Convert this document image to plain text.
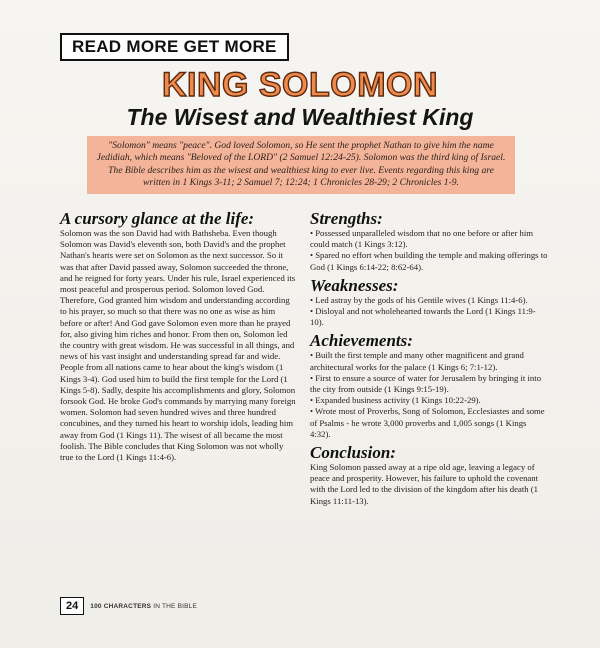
READ MORE GET MORE
KING SOLOMON
The Wisest and Wealthiest King
"Solomon" means "peace". God loved Solomon, so He sent the prophet Nathan to give him the name Jedidiah, which means "Beloved of the LORD" (2 Samuel 12:24-25). Solomon was the third king of Israel. The Bible describes him as the wisest and wealthiest king to ever live. Events regarding this king are written in 1 Kings 3-11; 2 Samuel 7; 12:24; 1 Chronicles 28-29; 2 Chronicles 1-9.
A cursory glance at the life:

Solomon was the son David had with Bathsheba. Even though Solomon was David's eleventh son, both David's and the prophet Nathan's hearts were set on Solomon as the next successor. So it was that after David passed away, Solomon succeeded the throne, and he reigned for forty years. Under his rule, Israel experienced its most peaceful and prosperous period. Solomon loved God. Therefore, God granted him wisdom and understanding according to his prayer, so much so that there was no one as wise as him before or after! And God gave Solomon even more than he prayed for, also giving him riches and honor. From then on, Solomon led the country with great wisdom. He was successful in all things, and news of his vast insight and understanding spread far and wide. People from all nations came to hear about the king's wisdom (1 Kings 3-4). God used him to build the first temple for the Lord (1 Kings 5-8). Sadly, despite his accomplishments and glory, Solomon forsook God. He broke God's commands by marrying many foreign women. Solomon had seven hundred wives and three hundred concubines, and they turned his heart to worship idols, leading him away from God (1 Kings 11). The wisest of all became the most foolish. The Bible concludes that King Solomon was not wholly true to the Lord (1 Kings 11:4-6).

Strengths:
• Possessed unparalleled wisdom that no one before or after him could match (1 Kings 3:12).
• Spared no effort when building the temple and making offerings to God (1 Kings 6:14-22; 8:62-64).
Weaknesses:
• Led astray by the gods of his Gentile wives (1 Kings 11:4-6).
• Disloyal and not wholehearted towards the Lord (1 Kings 11:9-10).
Achievements:
• Built the first temple and many other magnificent and grand architectural works for the palace (1 Kings 6; 7:1-12).
• First to ensure a source of water for Jerusalem by bringing it into the city from outside (1 Kings 9:15-19).
• Expanded business activity (1 Kings 10:22-29).
• Wrote most of Proverbs, Song of Solomon, Ecclesiastes and some of Psalms - he wrote 3,000 proverbs and 1,005 songs (1 Kings 4:32).
Conclusion:

King Solomon passed away at a ripe old age, leaving a legacy of peace and prosperity. However, his failure to uphold the covenant with the Lord led to the division of the kingdom after his death (1 Kings 11:11-13).

24	100 CHARACTERS IN THE BIBLE
